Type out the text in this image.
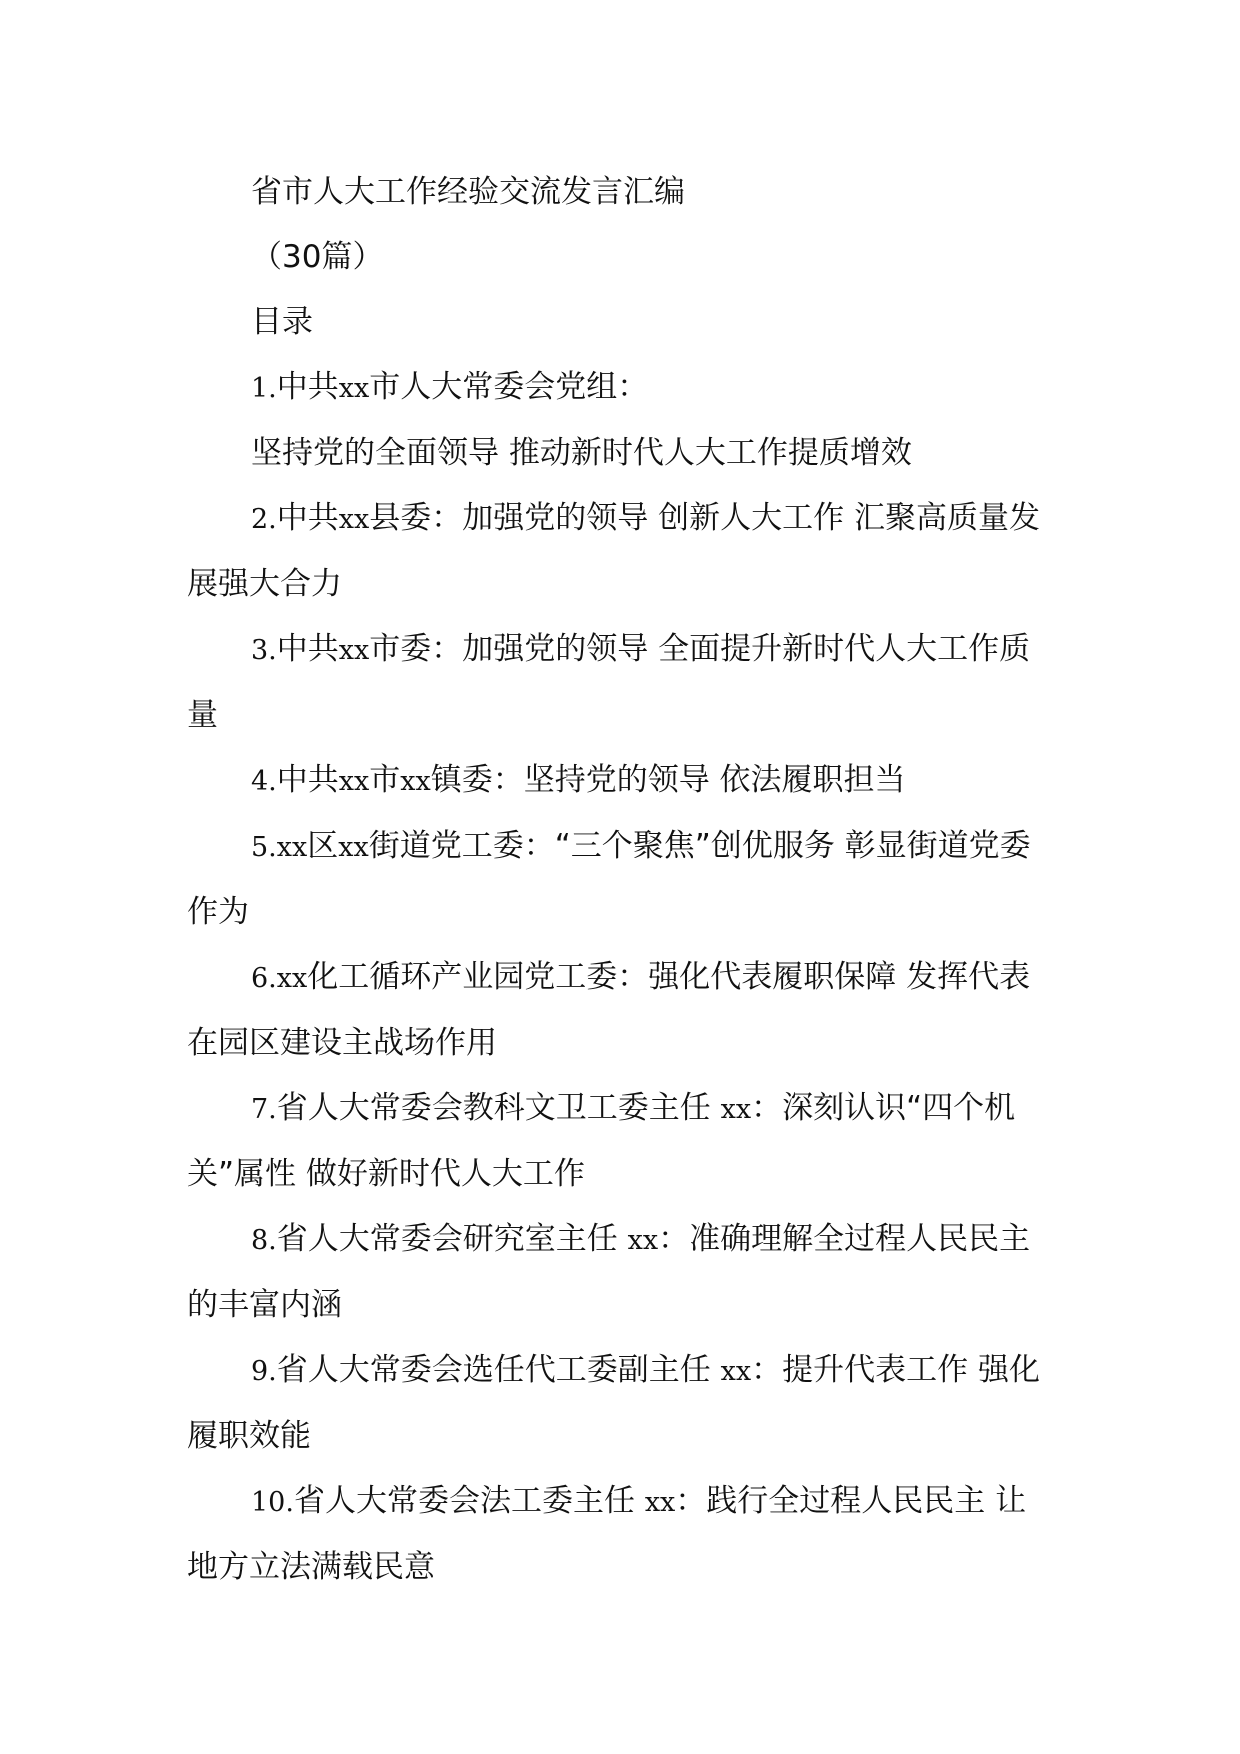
省市人大工作经验交流发言汇编

（30篇）

目录

1.中共xx市人大常委会党组：

坚持党的全面领导 推动新时代人大工作提质增效

2.中共xx县委：加强党的领导 创新人大工作 汇聚高质量发展强大合力

3.中共xx市委：加强党的领导 全面提升新时代人大工作质量

4.中共xx市xx镇委：坚持党的领导 依法履职担当

5.xx区xx街道党工委：“三个聚焦”创优服务 彰显街道党委作为

6.xx化工循环产业园党工委：强化代表履职保障 发挥代表在园区建设主战场作用

7.省人大常委会教科文卫工委主任 xx：深刻认识“四个机关”属性 做好新时代人大工作

8.省人大常委会研究室主任 xx：准确理解全过程人民民主的丰富内涵

9.省人大常委会选任代工委副主任 xx：提升代表工作 强化履职效能

10.省人大常委会法工委主任 xx：践行全过程人民民主 让地方立法满载民意
